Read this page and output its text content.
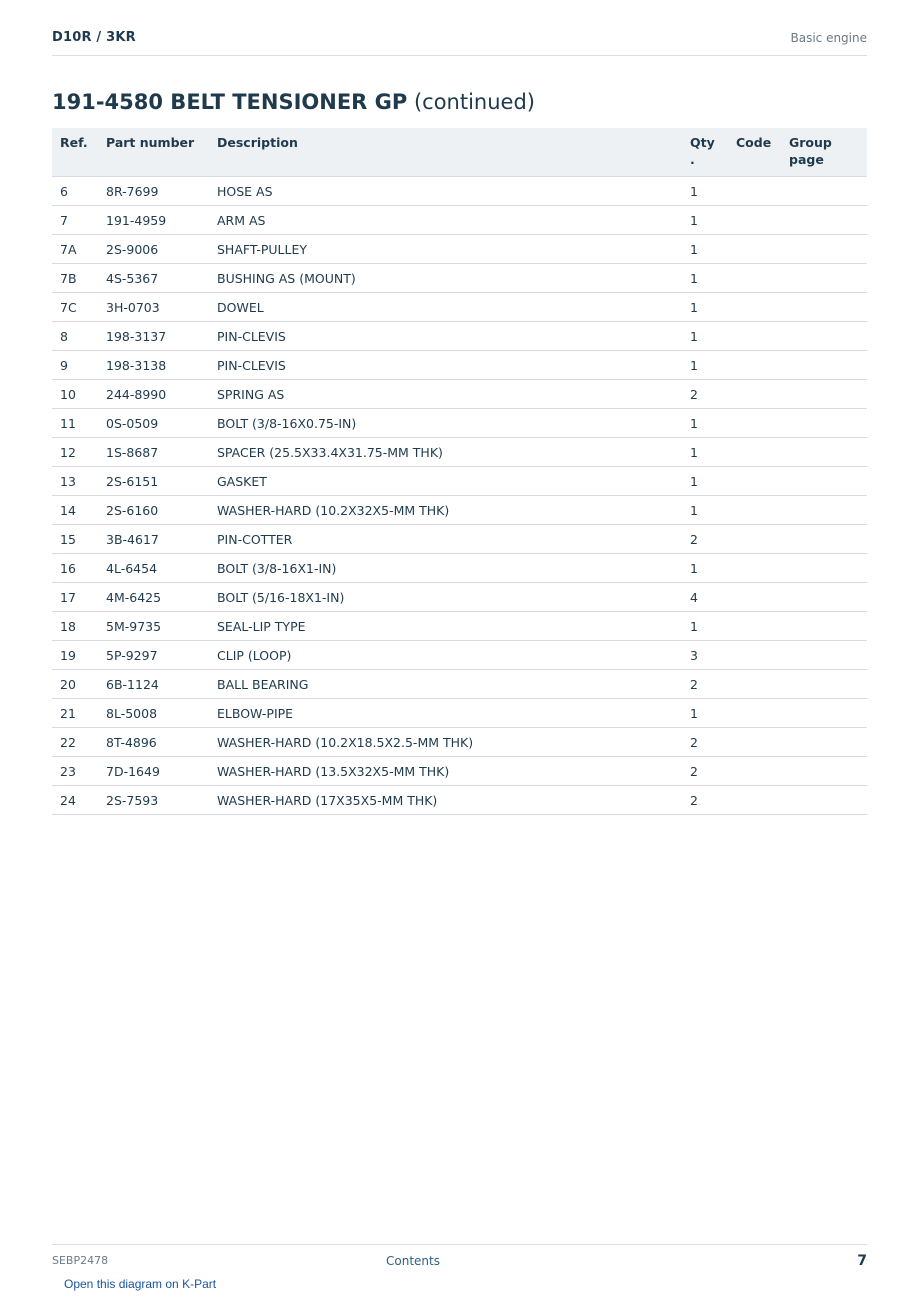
D10R / 3KR	Basic engine
191-4580 BELT TENSIONER GP (continued)
Ref.	Part number	Description	Qty .	Code	Group page
6	8R-7699	HOSE AS	1		
7	191-4959	ARM AS	1		
7A	2S-9006	SHAFT-PULLEY	1		
7B	4S-5367	BUSHING AS (MOUNT)	1		
7C	3H-0703	DOWEL	1		
8	198-3137	PIN-CLEVIS	1		
9	198-3138	PIN-CLEVIS	1		
10	244-8990	SPRING AS	2		
11	0S-0509	BOLT (3/8-16X0.75-IN)	1		
12	1S-8687	SPACER (25.5X33.4X31.75-MM THK)	1		
13	2S-6151	GASKET	1		
14	2S-6160	WASHER-HARD (10.2X32X5-MM THK)	1		
15	3B-4617	PIN-COTTER	2		
16	4L-6454	BOLT (3/8-16X1-IN)	1		
17	4M-6425	BOLT (5/16-18X1-IN)	4		
18	5M-9735	SEAL-LIP TYPE	1		
19	5P-9297	CLIP (LOOP)	3		
20	6B-1124	BALL BEARING	2		
21	8L-5008	ELBOW-PIPE	1		
22	8T-4896	WASHER-HARD (10.2X18.5X2.5-MM THK)	2		
23	7D-1649	WASHER-HARD (13.5X32X5-MM THK)	2		
24	2S-7593	WASHER-HARD (17X35X5-MM THK)	2		
SEBP2478	Contents	7
Open this diagram on K-Part
